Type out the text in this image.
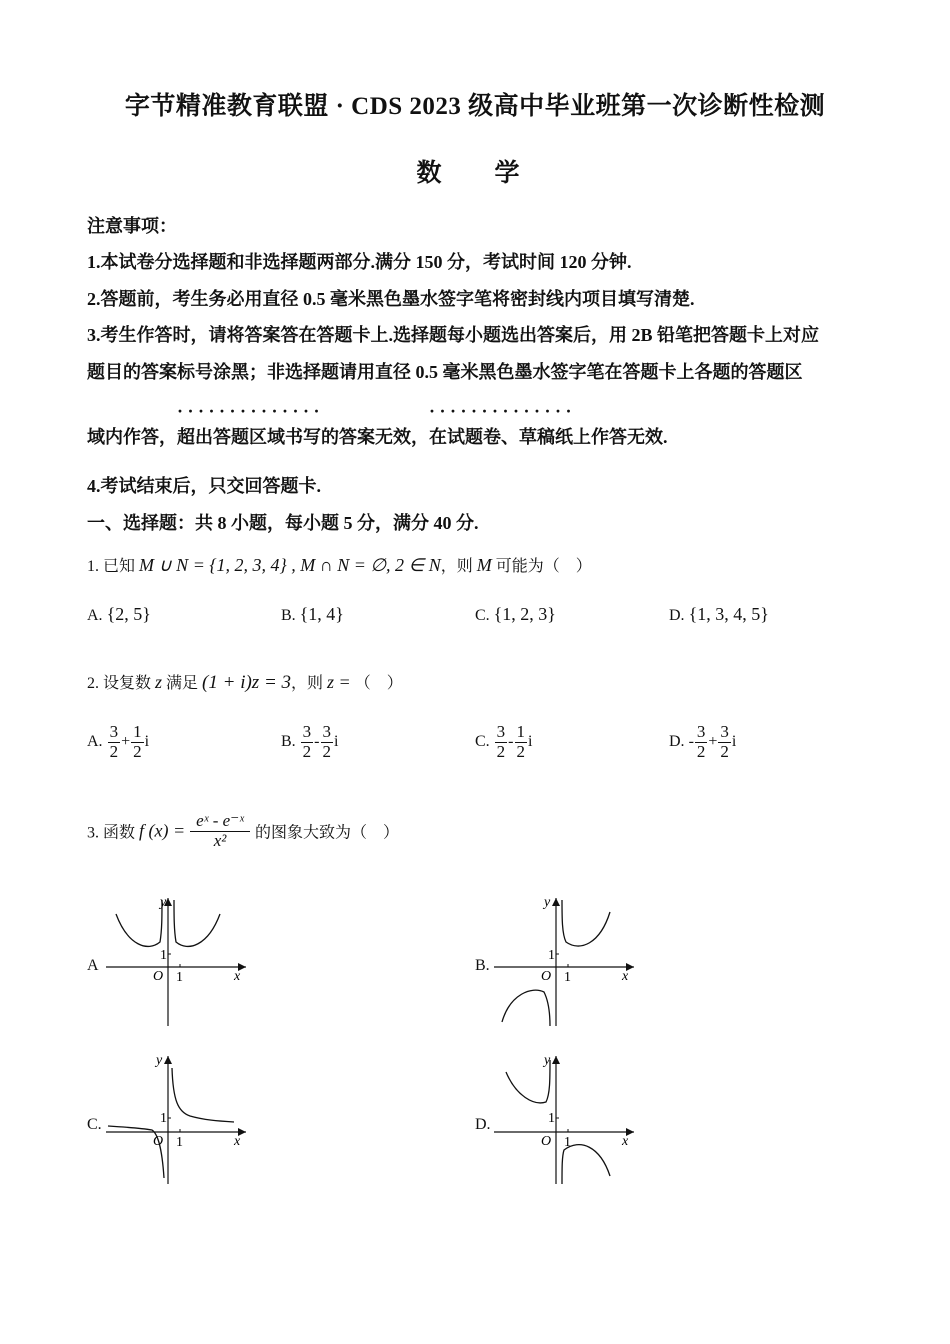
字节精准教育联盟 · CDS 2023 级高中毕业班第一次诊断性检测
数　学
注意事项：
1.本试卷分选择题和非选择题两部分.满分 150 分，考试时间 120 分钟.
2.答题前，考生务必用直径 0.5 毫米黑色墨水签字笔将密封线内项目填写清楚.
3.考生作答时，请将答案答在答题卡上.选择题每小题选出答案后，用 2B 铅笔把答题卡上对应
题目的答案标号涂黑；非选择题请用直径 0.5 毫米黑色墨水签字笔在答题卡上各题的答题区
域内作答，
· · · · · · · · · · · · · ·
超出答题区域书写的答案无效，
· · · · · · · · · · · · · ·
在试题卷、草稿纸上作答无效.
4.考试结束后，只交回答题卡.
一、选择题：共 8 小题，每小题 5 分，满分 40 分.
1. 已知 M ∪ N = {1, 2, 3, 4} , M ∩ N = ∅, 2 ∈ N，则 M 可能为（　）
A. {2, 5}	B. {1, 4}	C. {1, 2, 3}	D. {1, 3, 4, 5}
2. 设复数 z 满足 (1 + i)z = 3，则 z = （　）
A. $\frac{3}{2} + \frac{1}{2}$ i	B. $\frac{3}{2} - \frac{3}{2}$ i	C. $\frac{3}{2} - \frac{1}{2}$ i	D. - $\frac{3}{2} + \frac{3}{2}$ i
3. 函数 f $(x) = \frac{\text{eˣ - e⁻ˣ}}{\text{x²}}$ 的图象大致为（　）
A
y
x
O 1
1
B.
y
x
O 1
1
C.
y
x
O 1
1	D.
y
x
O 1
1
